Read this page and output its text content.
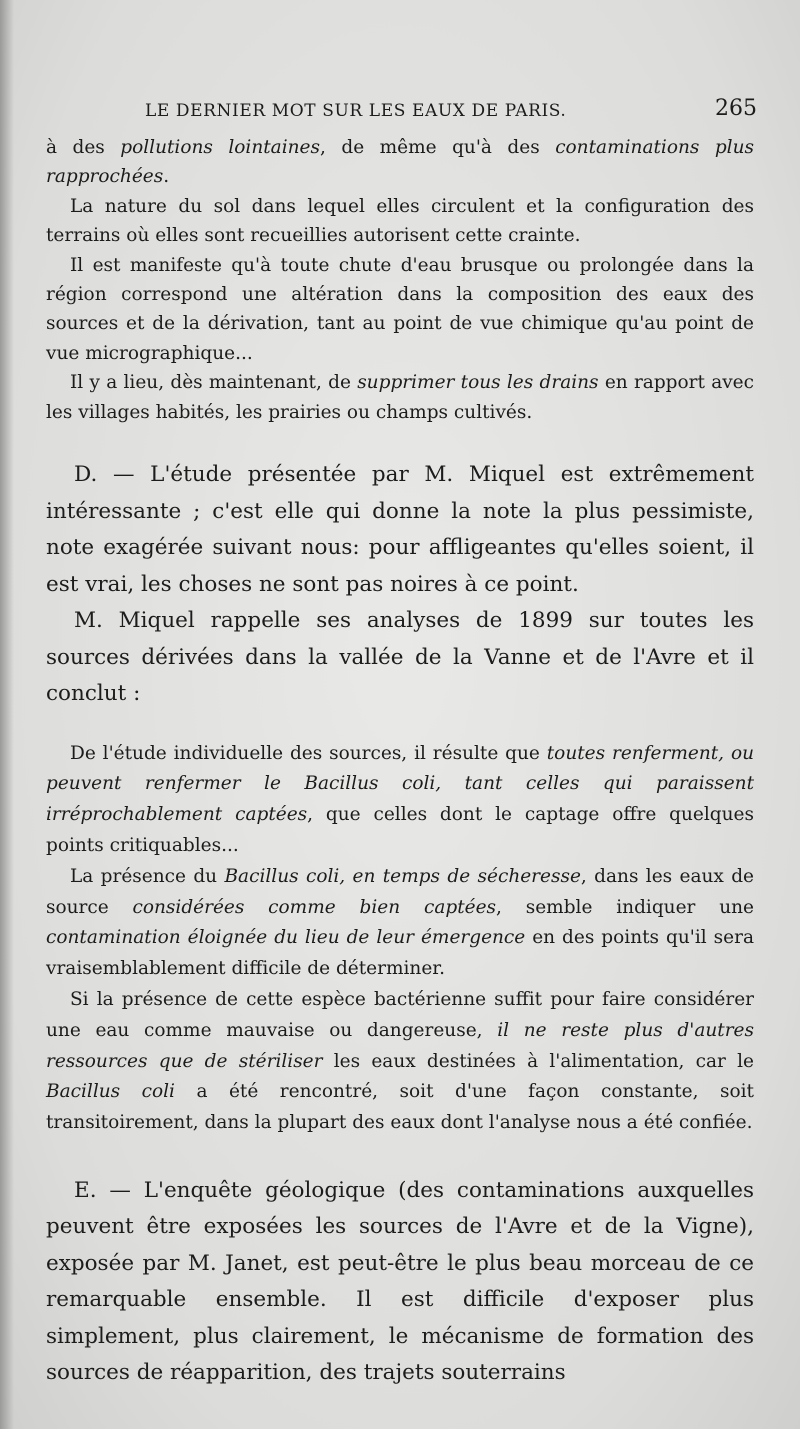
LE DERNIER MOT SUR LES EAUX DE PARIS.	265

à des pollutions lointaines, de même qu'à des contaminations plus rapprochées.

La nature du sol dans lequel elles circulent et la configuration des terrains où elles sont recueillies autorisent cette crainte.

Il est manifeste qu'à toute chute d'eau brusque ou prolongée dans la région correspond une altération dans la composition des eaux des sources et de la dérivation, tant au point de vue chimique qu'au point de vue micrographique...

Il y a lieu, dès maintenant, de supprimer tous les drains en rapport avec les villages habités, les prairies ou champs cultivés.

D. — L'étude présentée par M. Miquel est extrêmement intéressante ; c'est elle qui donne la note la plus pessimiste, note exagérée suivant nous: pour affligeantes qu'elles soient, il est vrai, les choses ne sont pas noires à ce point.

M. Miquel rappelle ses analyses de 1899 sur toutes les sources dérivées dans la vallée de la Vanne et de l'Avre et il conclut :

De l'étude individuelle des sources, il résulte que toutes renferment, ou peuvent renfermer le Bacillus coli, tant celles qui paraissent irréprochablement captées, que celles dont le captage offre quelques points critiquables...

La présence du Bacillus coli, en temps de sécheresse, dans les eaux de source considérées comme bien captées, semble indiquer une contamination éloignée du lieu de leur émergence en des points qu'il sera vraisemblablement difficile de déterminer.

Si la présence de cette espèce bactérienne suffit pour faire considérer une eau comme mauvaise ou dangereuse, il ne reste plus d'autres ressources que de stériliser les eaux destinées à l'alimentation, car le Bacillus coli a été rencontré, soit d'une façon constante, soit transitoirement, dans la plupart des eaux dont l'analyse nous a été confiée.

E. — L'enquête géologique (des contaminations auxquelles peuvent être exposées les sources de l'Avre et de la Vigne), exposée par M. Janet, est peut-être le plus beau morceau de ce remarquable ensemble. Il est difficile d'exposer plus simplement, plus clairement, le mécanisme de formation des sources de réapparition, des trajets souterrains
